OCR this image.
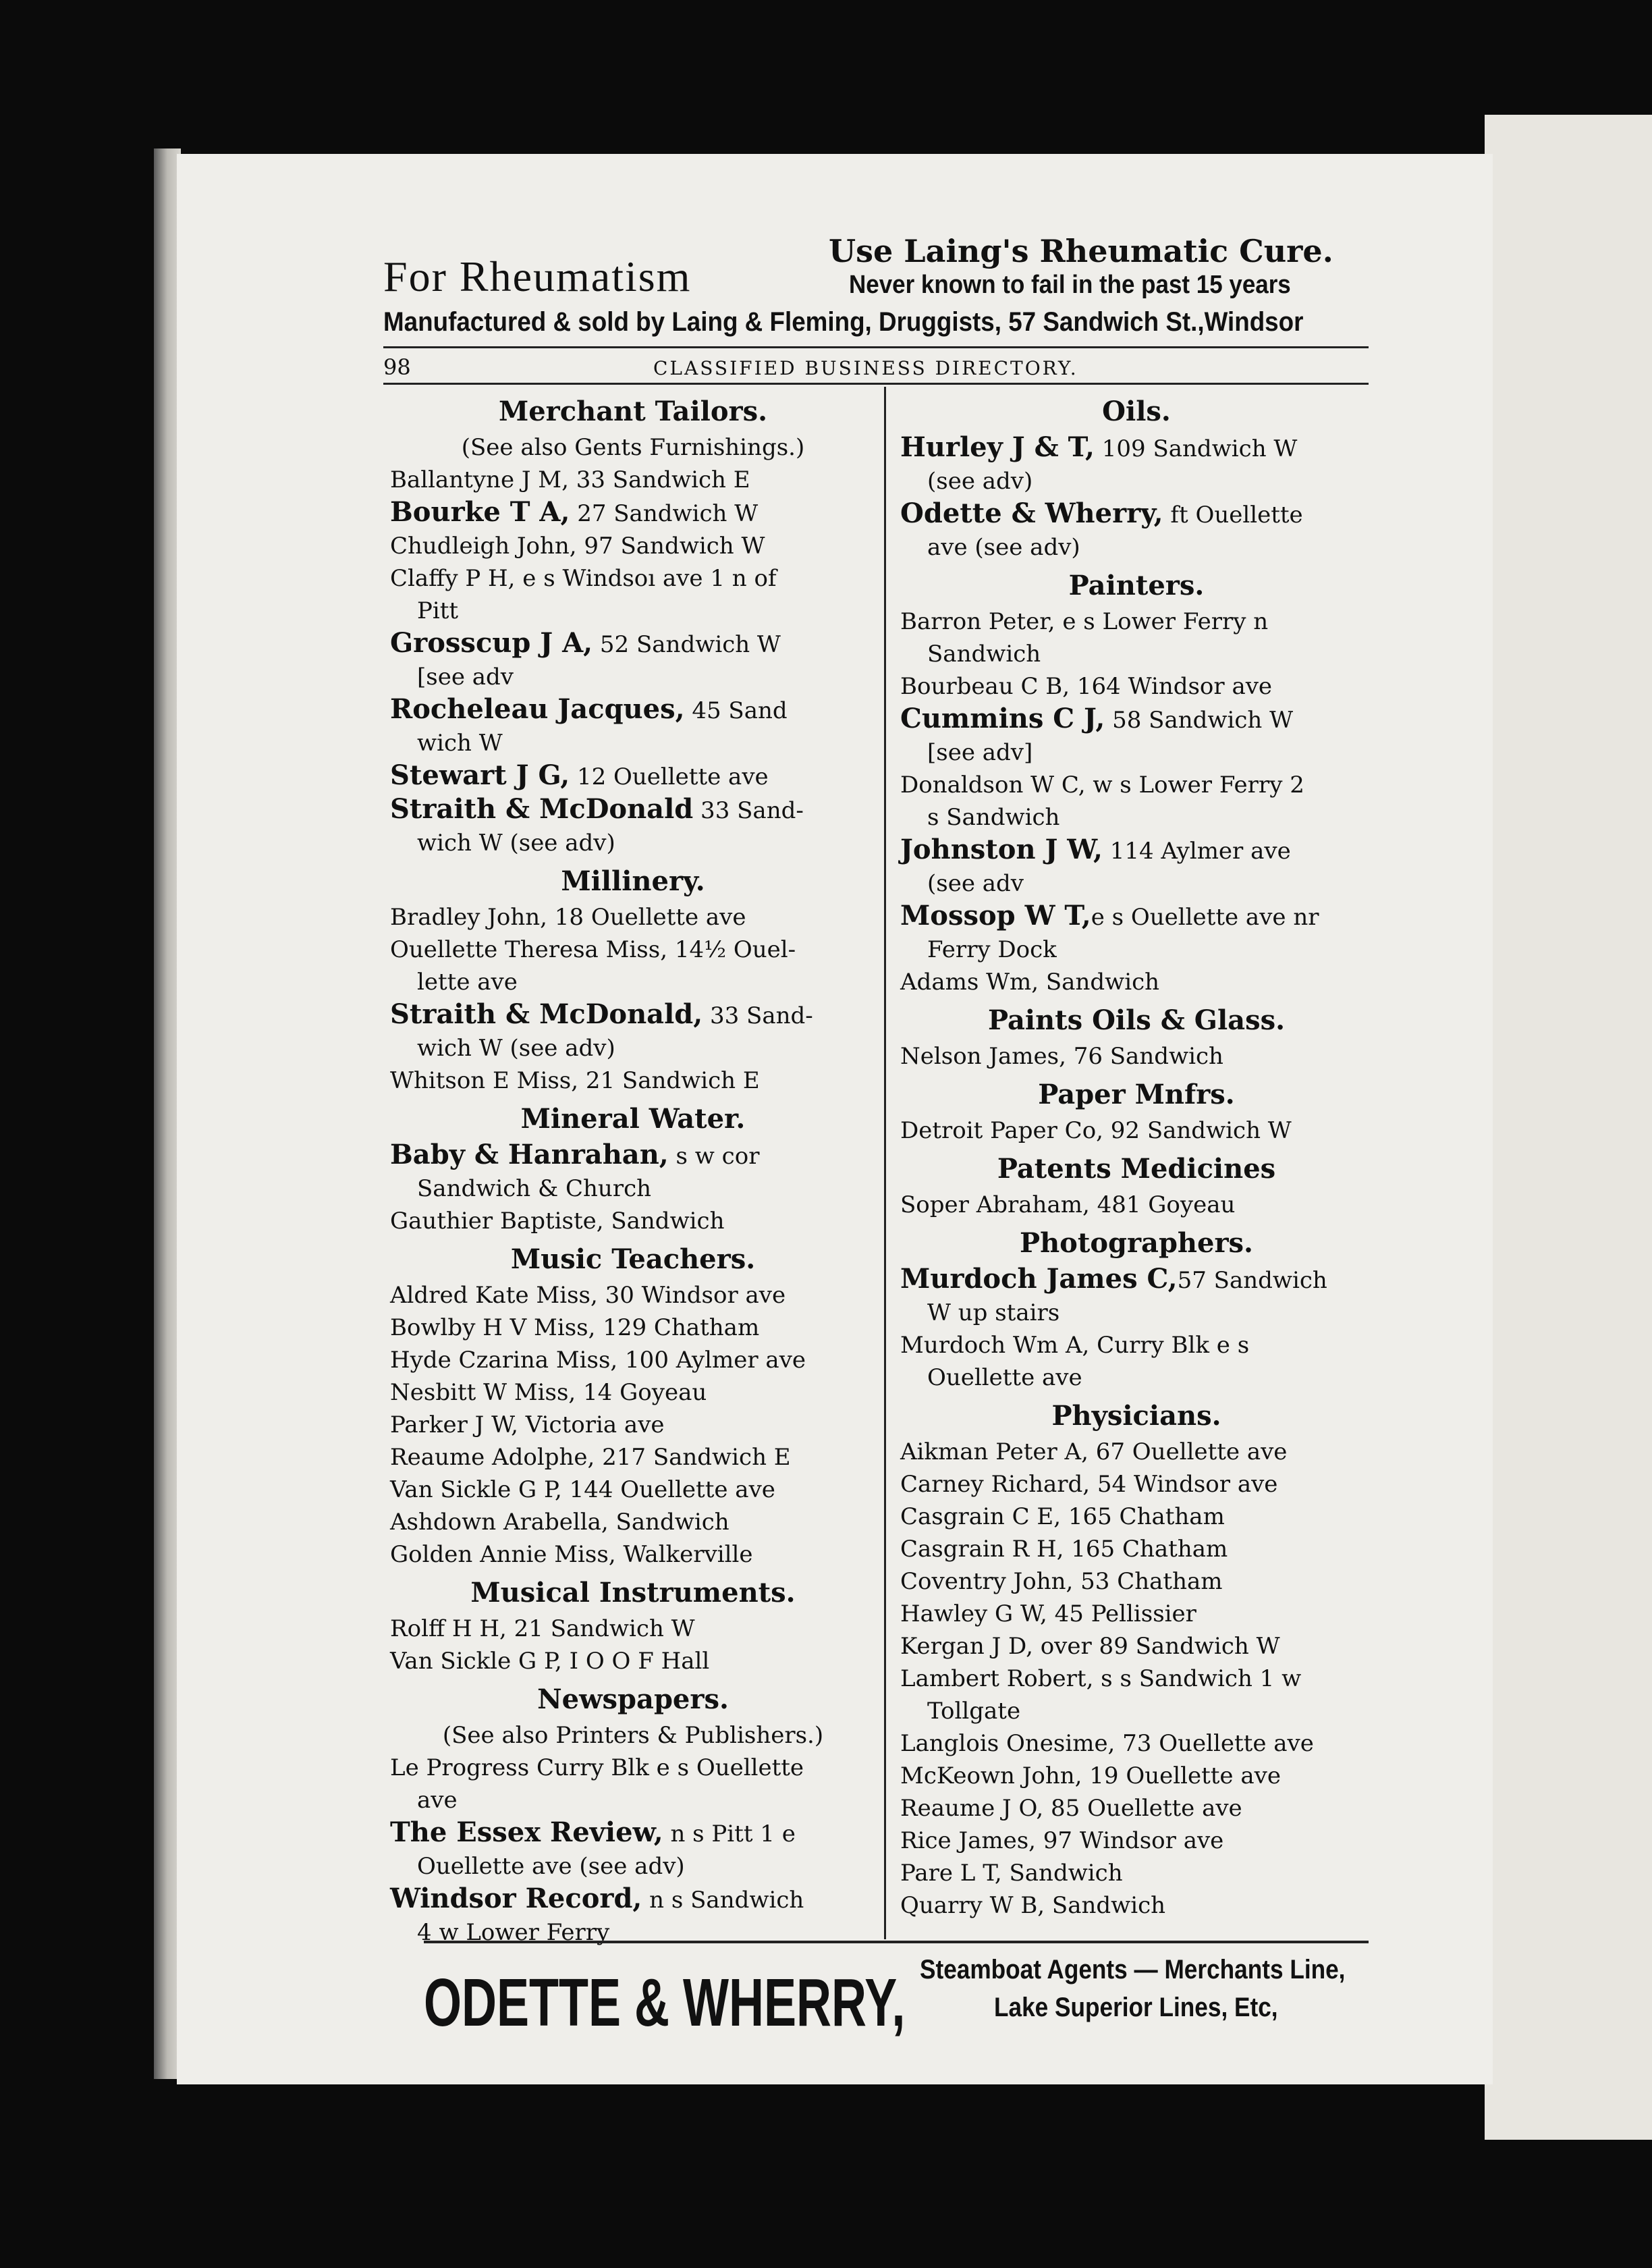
For Rheumatism
Use Laing's Rheumatic Cure.
Never known to fail in the past 15 years
Manufactured & sold by Laing & Fleming, Druggists, 57 Sandwich St.,Windsor
98	CLASSIFIED BUSINESS DIRECTORY.
Merchant Tailors.
(See also Gents Furnishings.)
Ballantyne J M, 33 Sandwich E
Bourke T A, 27 Sandwich W
Chudleigh John, 97 Sandwich W
Claffy P H, e s Windsoı ave 1 n of
Pitt
Grosscup J A, 52 Sandwich W
[see adv
Rocheleau Jacques, 45 Sand
wich W
Stewart J G, 12 Ouellette ave
Straith & McDonald 33 Sand-
wich W (see adv)
Millinery.
Bradley John, 18 Ouellette ave
Ouellette Theresa Miss, 14½ Ouel-
lette ave
Straith & McDonald, 33 Sand-
wich W (see adv)
Whitson E Miss, 21 Sandwich E
Mineral Water.
Baby & Hanrahan, s w cor
Sandwich & Church
Gauthier Baptiste, Sandwich
Music Teachers.
Aldred Kate Miss, 30 Windsor ave
Bowlby H V Miss, 129 Chatham
Hyde Czarina Miss, 100 Aylmer ave
Nesbitt W Miss, 14 Goyeau
Parker J W, Victoria ave
Reaume Adolphe, 217 Sandwich E
Van Sickle G P, 144 Ouellette ave
Ashdown Arabella, Sandwich
Golden Annie Miss, Walkerville
Musical Instruments.
Rolff H H, 21 Sandwich W
Van Sickle G P, I O O F Hall
Newspapers.
(See also Printers & Publishers.)
Le Progress Curry Blk e s Ouellette
ave
The Essex Review, n s Pitt 1 e
Ouellette ave (see adv)
Windsor Record, n s Sandwich
4 w Lower Ferry
Oils.
Hurley J & T, 109 Sandwich W
(see adv)
Odette & Wherry, ft Ouellette
ave (see adv)
Painters.
Barron Peter, e s Lower Ferry n
Sandwich
Bourbeau C B, 164 Windsor ave
Cummins C J, 58 Sandwich W
[see adv]
Donaldson W C, w s Lower Ferry 2
s Sandwich
Johnston J W, 114 Aylmer ave
(see adv
Mossop W T,e s Ouellette ave nr
Ferry Dock
Adams Wm, Sandwich
Paints Oils & Glass.
Nelson James, 76 Sandwich
Paper Mnfrs.
Detroit Paper Co, 92 Sandwich W
Patents Medicines
Soper Abraham, 481 Goyeau
Photographers.
Murdoch James C,57 Sandwich
W up stairs
Murdoch Wm A, Curry Blk e s
Ouellette ave
Physicians.
Aikman Peter A, 67 Ouellette ave
Carney Richard, 54 Windsor ave
Casgrain C E, 165 Chatham
Casgrain R H, 165 Chatham
Coventry John, 53 Chatham
Hawley G W, 45 Pellissier
Kergan J D, over 89 Sandwich W
Lambert Robert, s s Sandwich 1 w
Tollgate
Langlois Onesime, 73 Ouellette ave
McKeown John, 19 Ouellette ave
Reaume J O, 85 Ouellette ave
Rice James, 97 Windsor ave
Pare L T, Sandwich
Quarry W B, Sandwich
ODETTE & WHERRY, Steamboat Agents — Merchants Line,
Lake Superior Lines, Etc,
